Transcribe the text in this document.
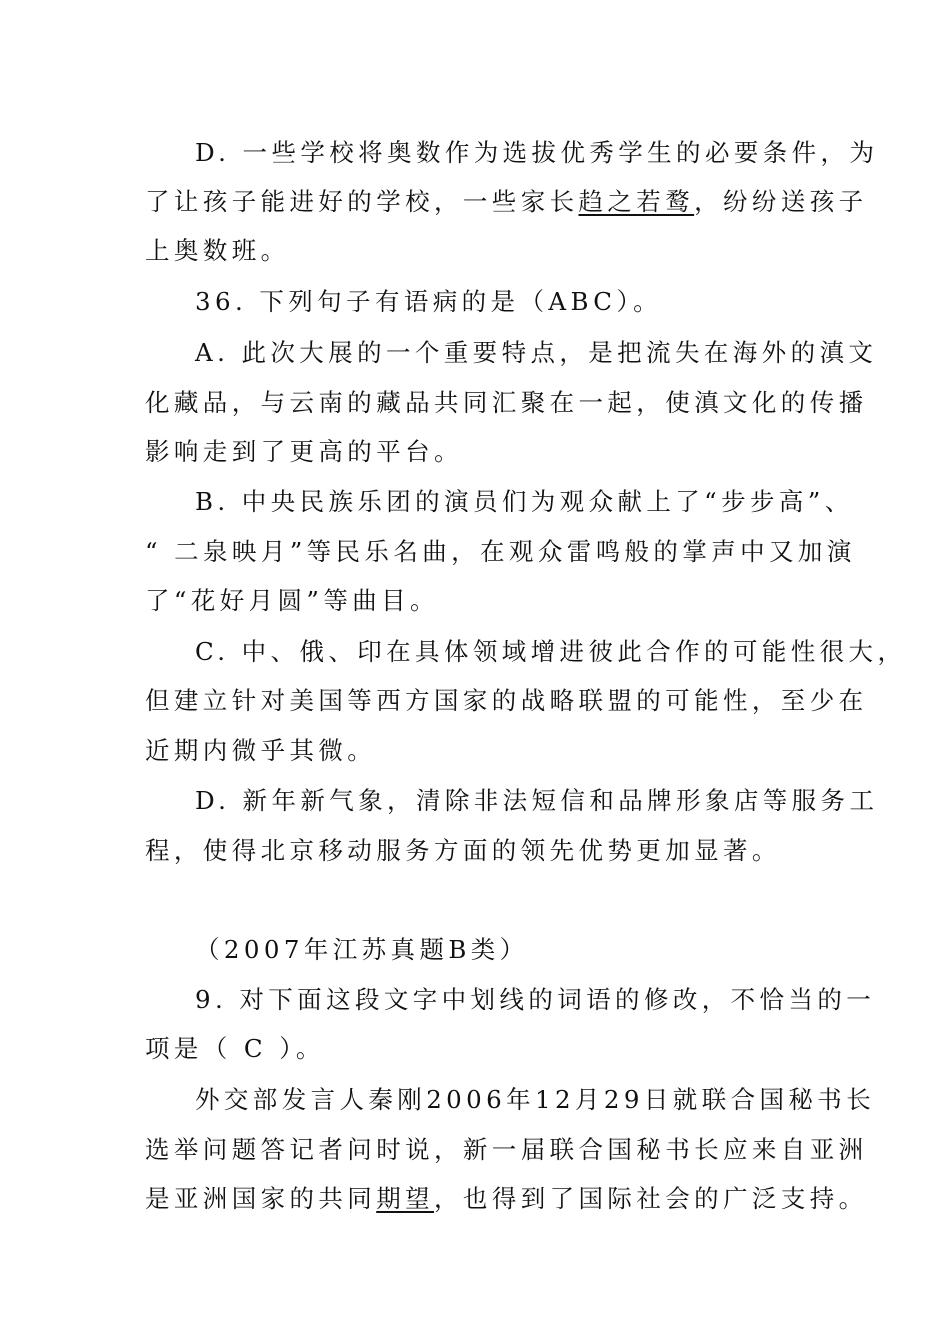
D. 一些学校将奥数作为选拔优秀学生的必要条件，为
了让孩子能进好的学校，一些家长趋之若鹜，纷纷送孩子
上奥数班。
36. 下列句子有语病的是（ABC）。
A. 此次大展的一个重要特点，是把流失在海外的滇文
化藏品，与云南的藏品共同汇聚在一起，使滇文化的传播
影响走到了更高的平台。
B. 中央民族乐团的演员们为观众献上了“步步高”、
“ 二泉映月”等民乐名曲，在观众雷鸣般的掌声中又加演
了“花好月圆”等曲目。
C. 中、俄、印在具体领域增进彼此合作的可能性很大，
但建立针对美国等西方国家的战略联盟的可能性，至少在
近期内微乎其微。
D. 新年新气象，清除非法短信和品牌形象店等服务工
程，使得北京移动服务方面的领先优势更加显著。
（2007年江苏真题B类）
9. 对下面这段文字中划线的词语的修改，不恰当的一
项是（ C ）。
外交部发言人秦刚2006年12月29日就联合国秘书长
选举问题答记者问时说，新一届联合国秘书长应来自亚洲
是亚洲国家的共同期望，也得到了国际社会的广泛支持。
